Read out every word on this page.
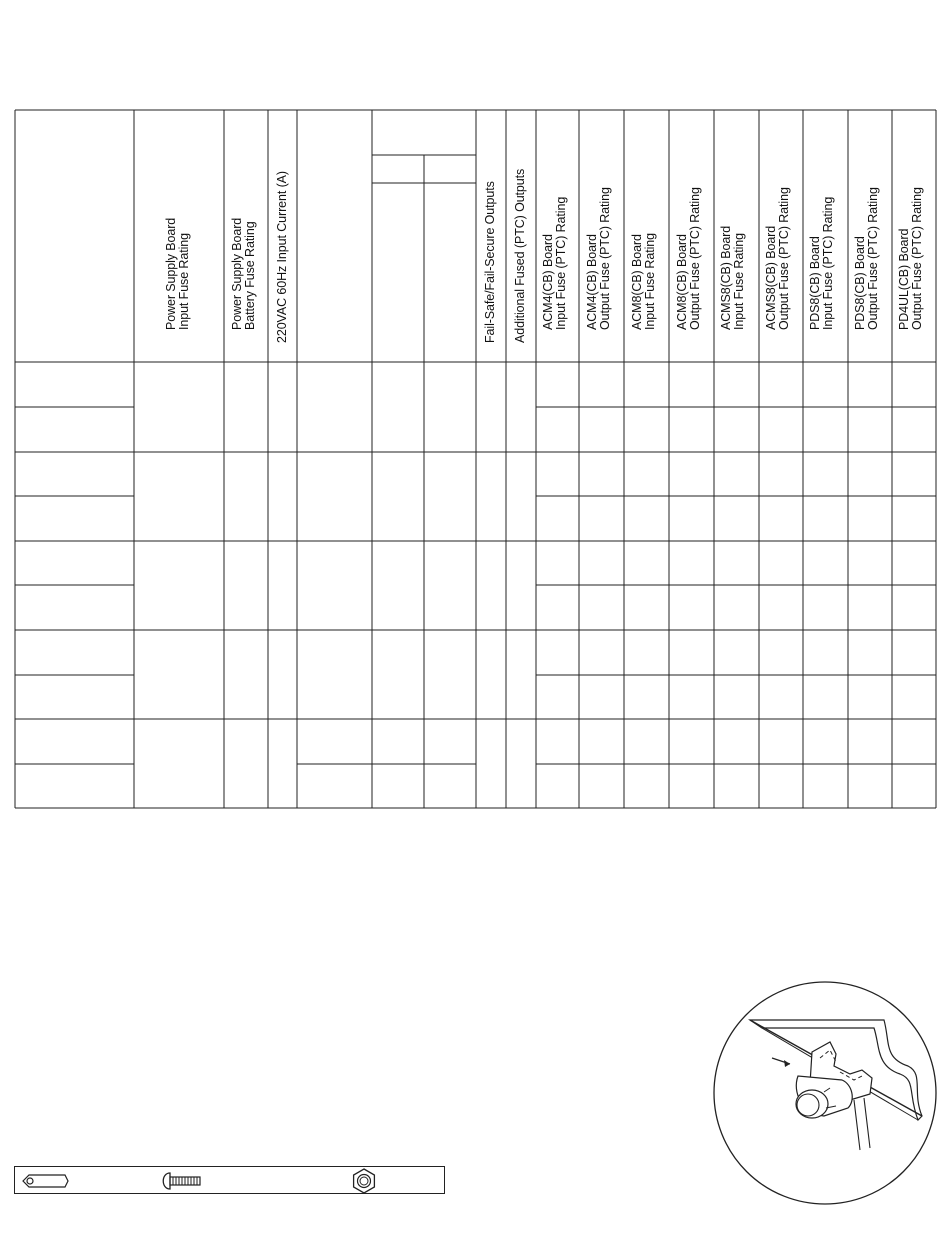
Power Supply Board Input Fuse Rating	Power Supply Board Battery Fuse Rating 220VAC 60Hz Input Current (A)	Fail-Safe/Fail-Secure Outputs Additional Fused (PTC) Outputs ACM4(CB) Board Input Fuse (PTC) Rating ACM4(CB) Board Output Fuse (PTC) Rating ACM8(CB) Board Input Fuse Rating ACM8(CB) Board Output Fuse (PTC) Rating ACMS8(CB) Board Input Fuse Rating ACMS8(CB) Board Output Fuse (PTC) Rating PDS8(CB) Board Input Fuse (PTC) Rating PDS8(CB) Board Output Fuse (PTC) Rating PD4UL(CB) Board Output Fuse (PTC) Rating
